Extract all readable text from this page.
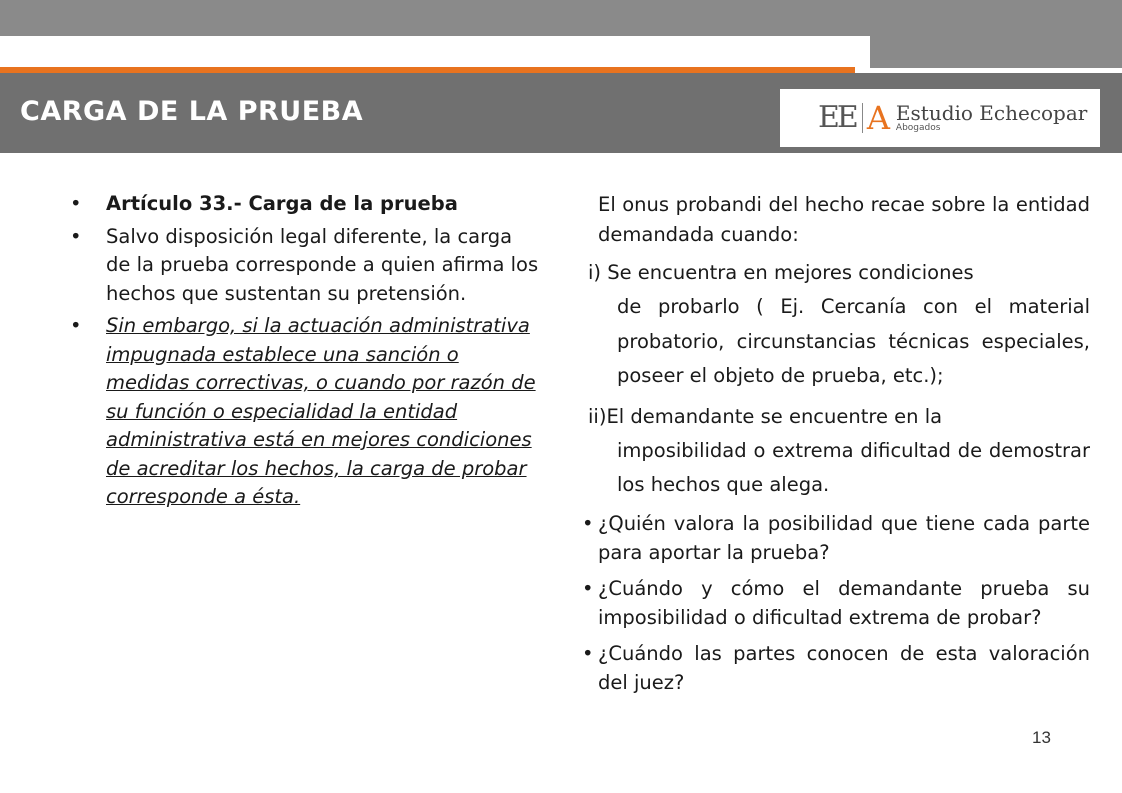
CARGA DE LA PRUEBA	EE A Estudio Echecopar
Abogados
• Artículo 33.- Carga de la prueba
• Salvo disposición legal diferente, la carga de la prueba corresponde a quien afirma los hechos que sustentan su pretensión.
• Sin embargo, si la actuación administrativa impugnada establece una sanción o medidas correctivas, o cuando por razón de su función o especialidad la entidad administrativa está en mejores condiciones de acreditar los hechos, la carga de probar corresponde a ésta.
El onus probandi del hecho recae sobre la entidad demandada cuando:
i) Se encuentra en mejores condiciones
de probarlo ( Ej. Cercanía con el material probatorio, circunstancias técnicas especiales, poseer el objeto de prueba, etc.);
ii)El demandante se encuentre en la
imposibilidad o extrema dificultad de demostrar los hechos que alega.
• ¿Quién valora la posibilidad que tiene cada parte para aportar la prueba?
• ¿Cuándo y cómo el demandante prueba su imposibilidad o dificultad extrema de probar?
• ¿Cuándo las partes conocen de esta valoración del juez?
13
